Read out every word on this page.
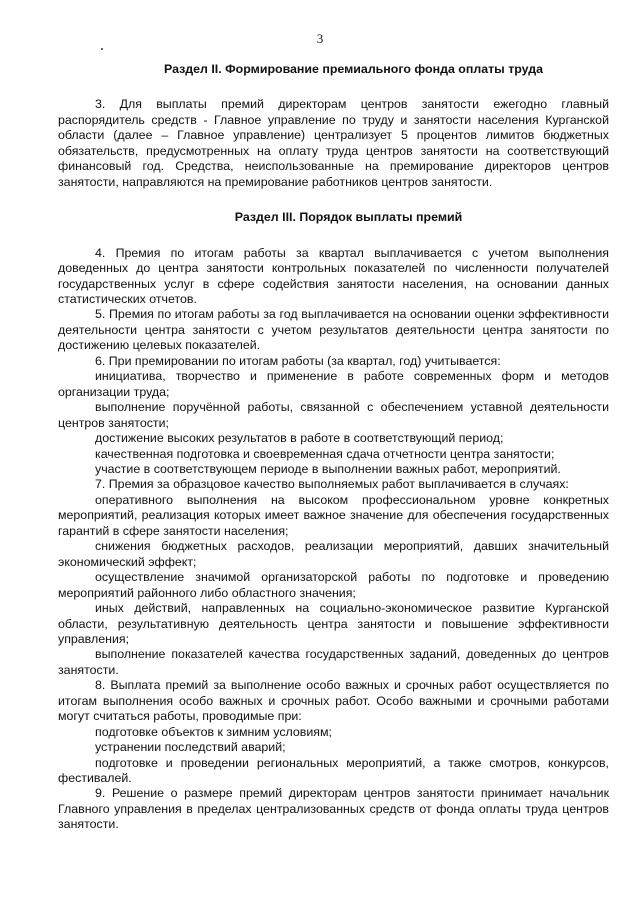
3
Раздел II. Формирование премиального фонда оплаты труда
3. Для выплаты премий директорам центров занятости ежегодно главный распорядитель средств - Главное управление по труду и занятости населения Курганской области (далее – Главное управление) централизует 5 процентов лимитов бюджетных обязательств, предусмотренных на оплату труда центров занятости на соответствующий финансовый год. Средства, неиспользованные на премирование директоров центров занятости, направляются на премирование работников центров занятости.
Раздел III. Порядок выплаты премий
4. Премия по итогам работы за квартал выплачивается с учетом выполнения доведенных до центра занятости контрольных показателей по численности получателей государственных услуг в сфере содействия занятости населения, на основании данных статистических отчетов.
5. Премия по итогам работы за год выплачивается на основании оценки эффективности деятельности центра занятости с учетом результатов деятельности центра занятости по достижению целевых показателей.
6. При премировании по итогам работы (за квартал, год) учитывается:
инициатива, творчество и применение в работе современных форм и методов организации труда;
выполнение поручённой работы, связанной с обеспечением уставной деятельности центров занятости;
достижение высоких результатов в работе в соответствующий период;
качественная подготовка и своевременная сдача отчетности центра занятости;
участие в соответствующем периоде в выполнении важных работ, мероприятий.
7. Премия за образцовое качество выполняемых работ выплачивается в случаях:
оперативного выполнения на высоком профессиональном уровне конкретных мероприятий, реализация которых имеет важное значение для обеспечения государственных гарантий в сфере занятости населения;
снижения бюджетных расходов, реализации мероприятий, давших значительный экономический эффект;
осуществление значимой организаторской работы по подготовке и проведению мероприятий районного либо областного значения;
иных действий, направленных на социально-экономическое развитие Курганской области, результативную деятельность центра занятости и повышение эффективности управления;
выполнение показателей качества государственных заданий, доведенных до центров занятости.
8. Выплата премий за выполнение особо важных и срочных работ осуществляется по итогам выполнения особо важных и срочных работ. Особо важными и срочными работами могут считаться работы, проводимые при:
подготовке объектов к зимним условиям;
устранении последствий аварий;
подготовке и проведении региональных мероприятий, а также смотров, конкурсов, фестивалей.
9. Решение о размере премий директорам центров занятости принимает начальник Главного управления в пределах централизованных средств от фонда оплаты труда центров занятости.
